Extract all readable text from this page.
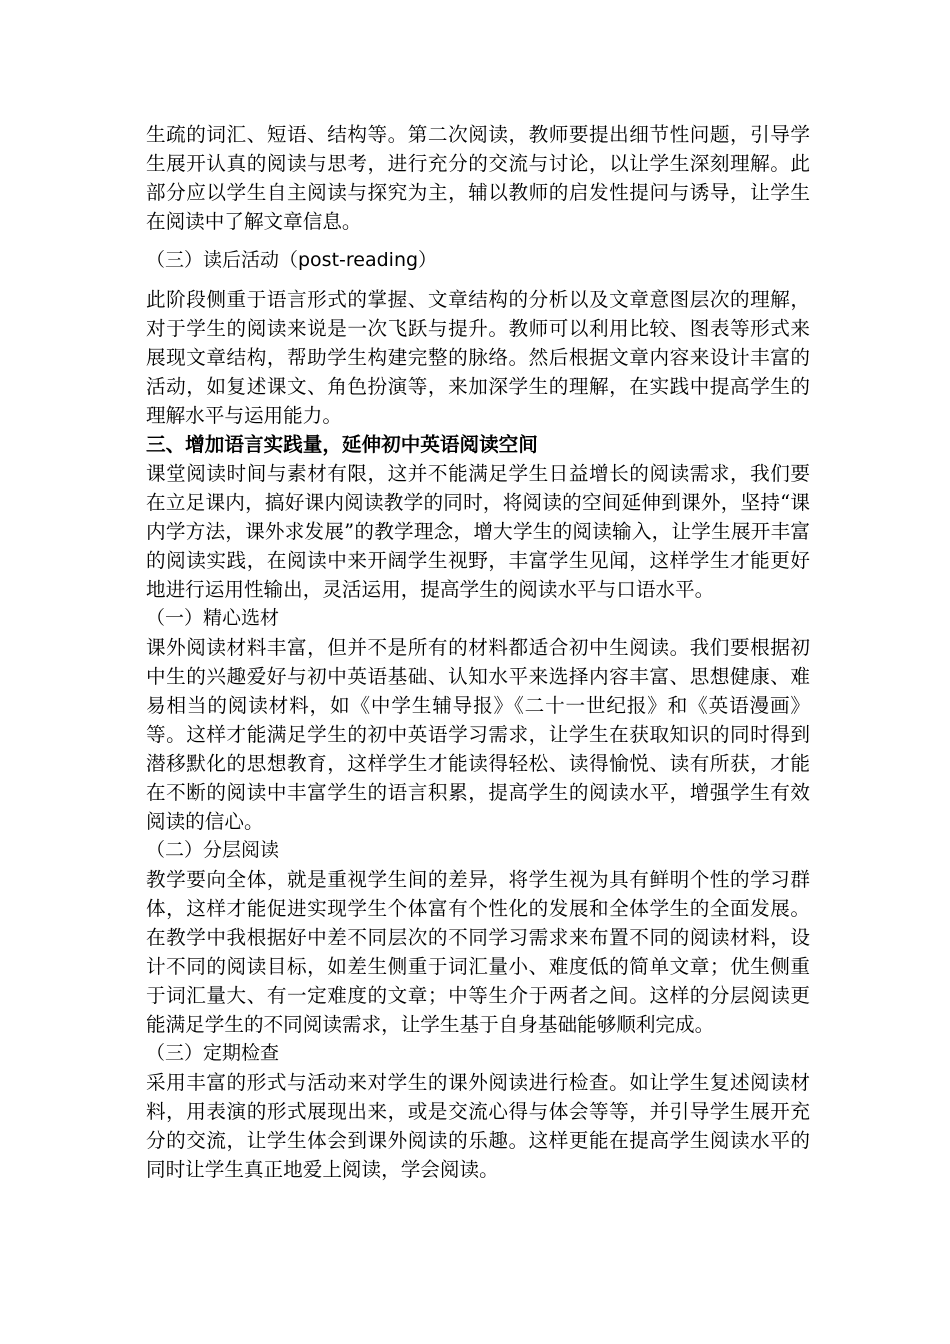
生疏的词汇、短语、结构等。第二次阅读，教师要提出细节性问题，引导学生展开认真的阅读与思考，进行充分的交流与讨论，以让学生深刻理解。此部分应以学生自主阅读与探究为主，辅以教师的启发性提问与诱导，让学生在阅读中了解文章信息。

（三）读后活动（post-reading）

此阶段侧重于语言形式的掌握、文章结构的分析以及文章意图层次的理解，对于学生的阅读来说是一次飞跃与提升。教师可以利用比较、图表等形式来展现文章结构，帮助学生构建完整的脉络。然后根据文章内容来设计丰富的活动，如复述课文、角色扮演等，来加深学生的理解，在实践中提高学生的理解水平与运用能力。

三、增加语言实践量，延伸初中英语阅读空间

课堂阅读时间与素材有限，这并不能满足学生日益增长的阅读需求，我们要在立足课内，搞好课内阅读教学的同时，将阅读的空间延伸到课外，坚持“课内学方法，课外求发展”的教学理念，增大学生的阅读输入，让学生展开丰富的阅读实践，在阅读中来开阔学生视野，丰富学生见闻，这样学生才能更好地进行运用性输出，灵活运用，提高学生的阅读水平与口语水平。

（一）精心选材

课外阅读材料丰富，但并不是所有的材料都适合初中生阅读。我们要根据初中生的兴趣爱好与初中英语基础、认知水平来选择内容丰富、思想健康、难易相当的阅读材料，如《中学生辅导报》《二十一世纪报》和《英语漫画》等。这样才能满足学生的初中英语学习需求，让学生在获取知识的同时得到潜移默化的思想教育，这样学生才能读得轻松、读得愉悦、读有所获，才能在不断的阅读中丰富学生的语言积累，提高学生的阅读水平，增强学生有效阅读的信心。

（二）分层阅读

教学要向全体，就是重视学生间的差异，将学生视为具有鲜明个性的学习群体，这样才能促进实现学生个体富有个性化的发展和全体学生的全面发展。在教学中我根据好中差不同层次的不同学习需求来布置不同的阅读材料，设计不同的阅读目标，如差生侧重于词汇量小、难度低的简单文章；优生侧重于词汇量大、有一定难度的文章；中等生介于两者之间。这样的分层阅读更能满足学生的不同阅读需求，让学生基于自身基础能够顺利完成。

（三）定期检查

采用丰富的形式与活动来对学生的课外阅读进行检查。如让学生复述阅读材料，用表演的形式展现出来，或是交流心得与体会等等，并引导学生展开充分的交流，让学生体会到课外阅读的乐趣。这样更能在提高学生阅读水平的同时让学生真正地爱上阅读，学会阅读。
